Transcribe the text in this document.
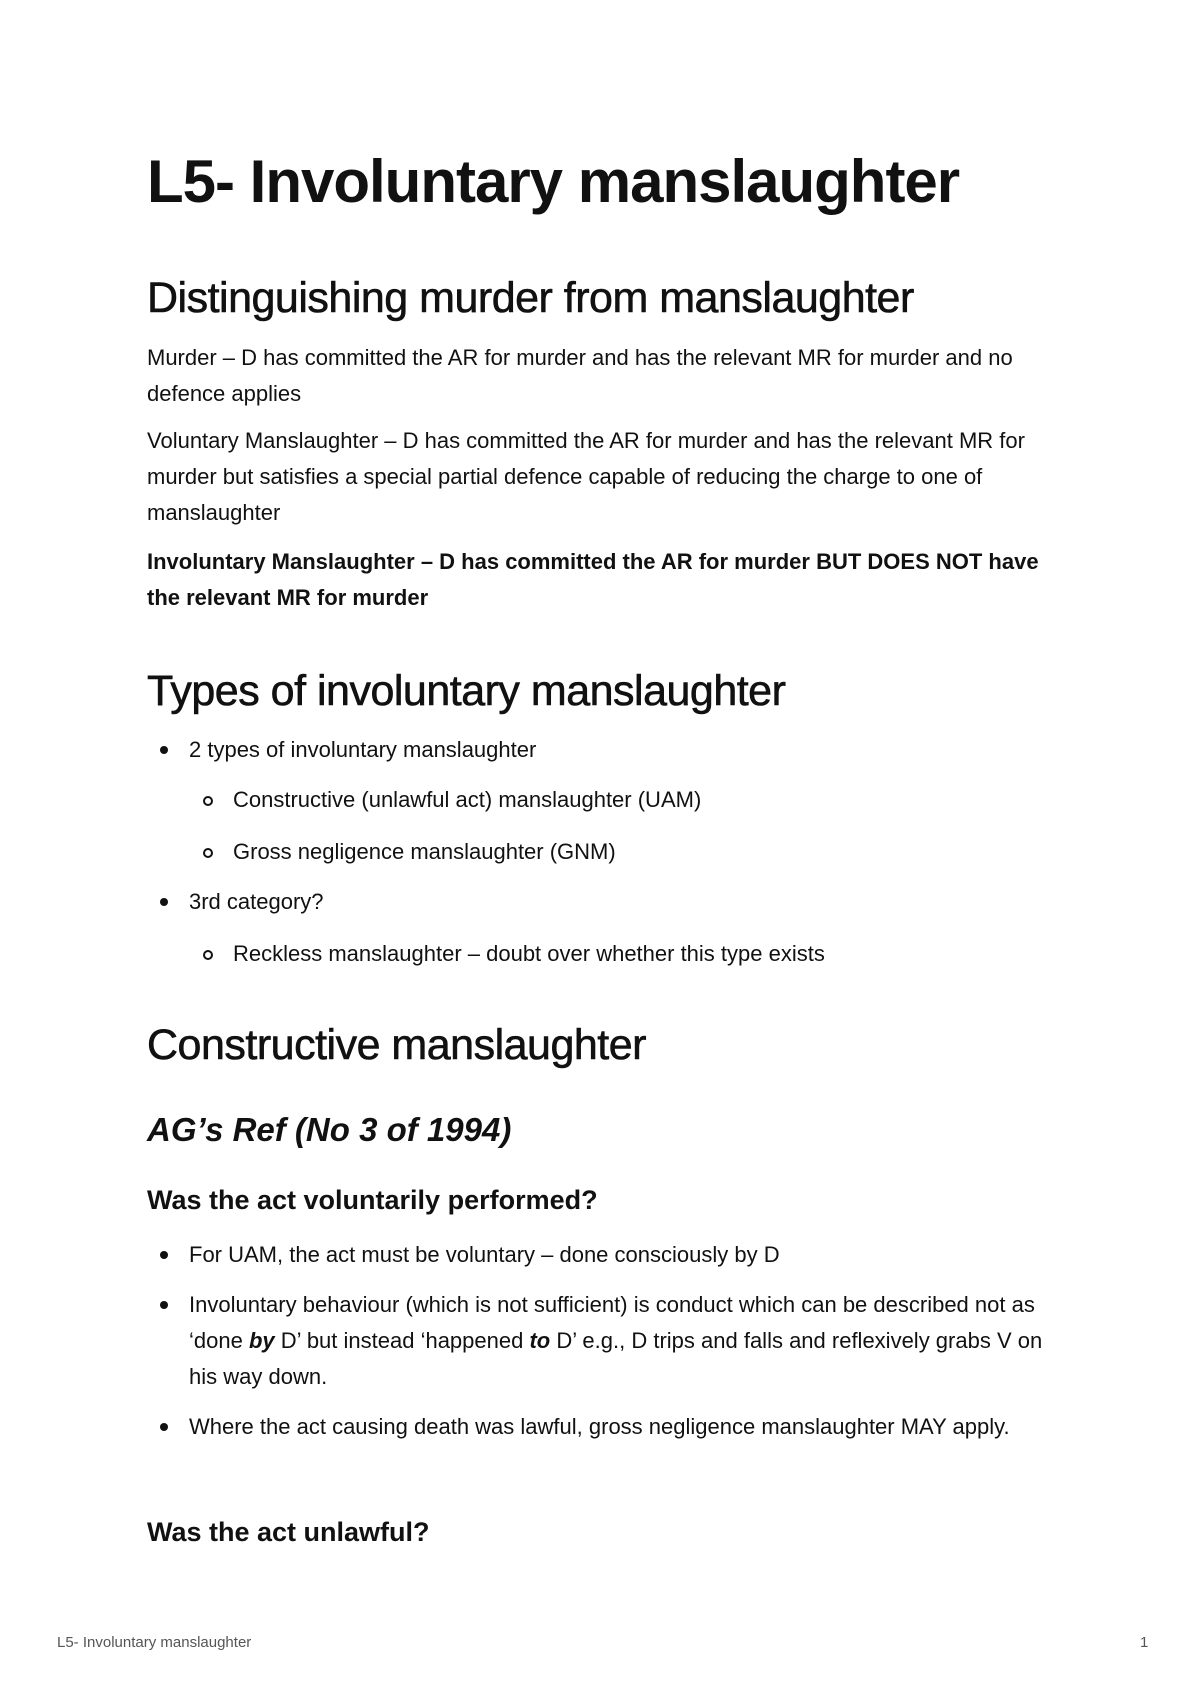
L5- Involuntary manslaughter
Distinguishing murder from manslaughter

Murder – D has committed the AR for murder and has the relevant MR for murder and no defence applies

Voluntary Manslaughter – D has committed the AR for murder and has the relevant MR for murder but satisfies a special partial defence capable of reducing the charge to one of manslaughter

Involuntary Manslaughter – D has committed the AR for murder BUT DOES NOT have the relevant MR for murder

Types of involuntary manslaughter
2 types of involuntary manslaughter
Constructive (unlawful act) manslaughter (UAM)
Gross negligence manslaughter (GNM)
3rd category?
Reckless manslaughter – doubt over whether this type exists
Constructive manslaughter
AG’s Ref (No 3 of 1994)
Was the act voluntarily performed?
For UAM, the act must be voluntary – done consciously by D
Involuntary behaviour (which is not sufficient) is conduct which can be described not as ‘done by D’ but instead ‘happened to D’ e.g., D trips and falls and reflexively grabs V on his way down.
Where the act causing death was lawful, gross negligence manslaughter MAY apply.
Was the act unlawful?
L5- Involuntary manslaughter	1
